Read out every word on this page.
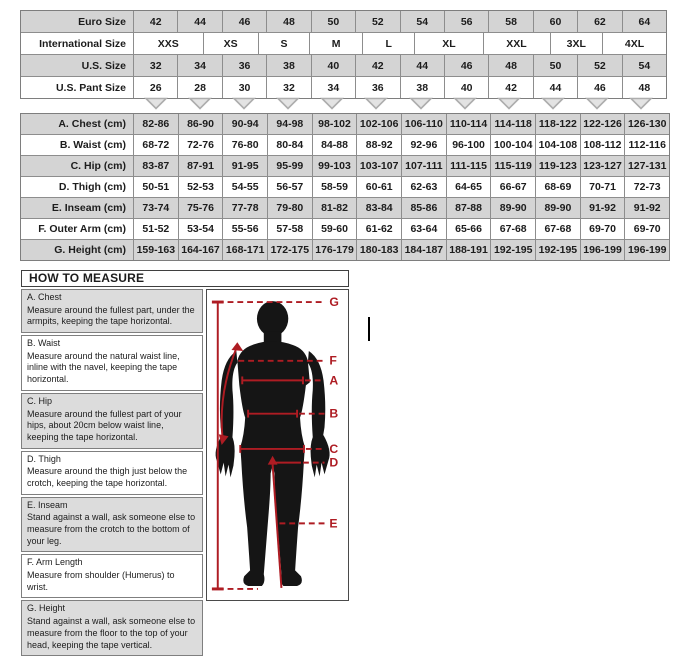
Euro Size	42	44	46	48	50	52	54	56	58	60	62	64
International Size	XXS	XS	S	M	L	XL	XXL	3XL	4XL
U.S. Size	32	34	36	38	40	42	44	46	48	50	52	54
U.S. Pant Size	26	28	30	32	34	36	38	40	42	44	46	48
A. Chest (cm)	82-86	86-90	90-94	94-98	98-102 102-106 106-110 110-114 114-118 118-122 122-126 126-130
B. Waist (cm)	68-72	72-76	76-80	80-84	84-88	88-92	92-96	96-100 100-104 104-108 108-112 112-116
C. Hip (cm)	83-87	87-91	91-95	95-99	99-103 103-107 107-111 111-115 115-119 119-123 123-127 127-131
D. Thigh (cm)	50-51	52-53	54-55	56-57	58-59	60-61	62-63	64-65	66-67	68-69	70-71	72-73
E. Inseam (cm)	73-74	75-76	77-78	79-80	81-82	83-84	85-86	87-88	89-90	89-90	91-92	91-92
F. Outer Arm (cm)	51-52	53-54	55-56	57-58	59-60	61-62	63-64	65-66	67-68	67-68	69-70	69-70
G. Height (cm)	159-163 164-167 168-171 172-175 176-179 180-183 184-187 188-191 192-195 192-195 196-199 196-199
HOW TO MEASURE
A. Chest
Measure around the fullest part, under the armpits, keeping the tape horizontal.
B. Waist
Measure around the natural waist line, inline with the navel, keeping the tape horizontal.
C. Hip
Measure around the fullest part of your hips, about 20cm below waist line, keeping the tape horizontal.
D. Thigh
Measure around the thigh just below the crotch, keeping the tape horizontal.
E. Inseam
Stand against a wall, ask someone else to measure from the crotch to the bottom of your leg.
F. Arm Length
Measure from shoulder (Humerus) to wrist.
G. Height
Stand against a wall, ask someone else to measure from the floor to the top of your head, keeping the tape vertical.
G
F
A
B
C
D
E
